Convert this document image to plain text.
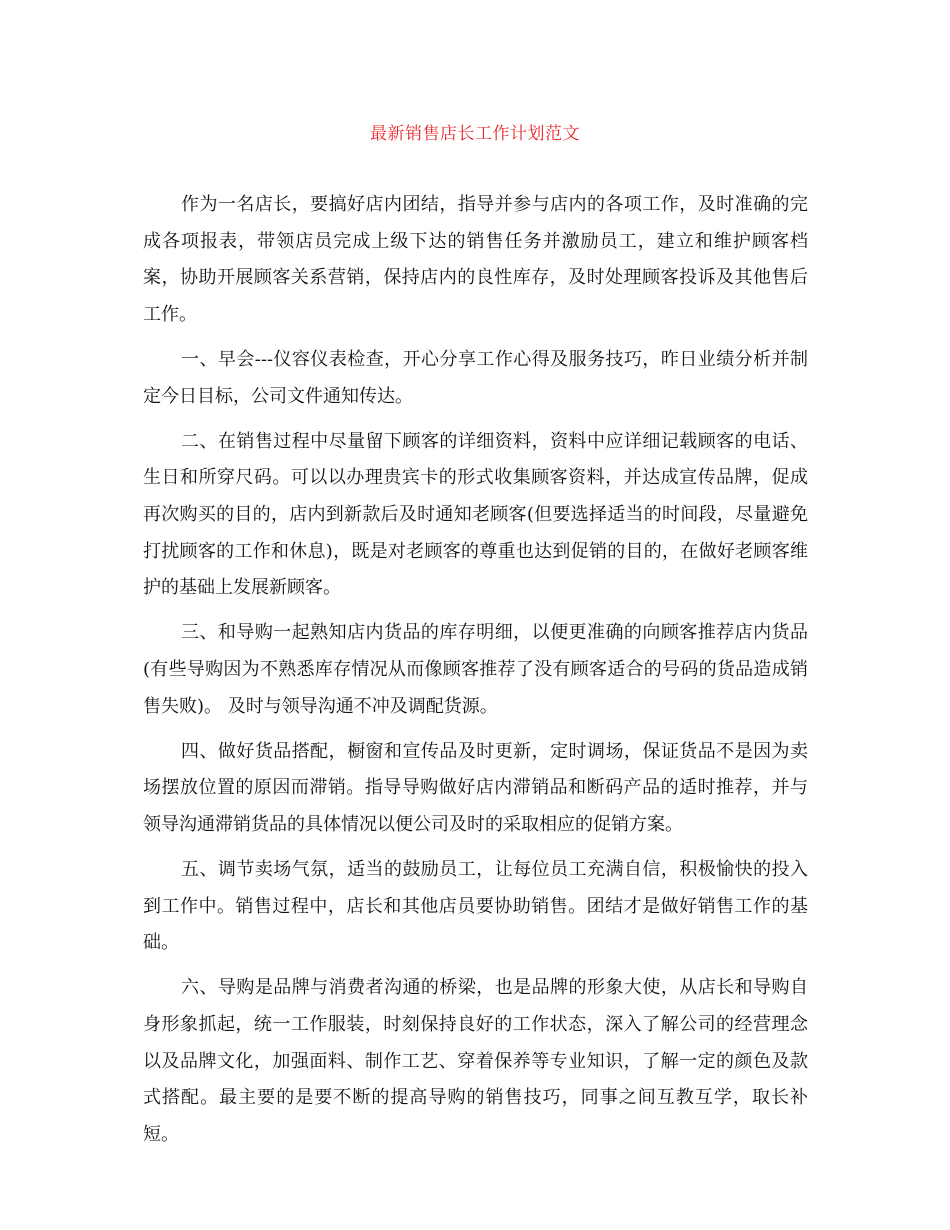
最新销售店长工作计划范文

作为一名店长，要搞好店内团结，指导并参与店内的各项工作，及时准确的完成各项报表，带领店员完成上级下达的销售任务并激励员工，建立和维护顾客档案，协助开展顾客关系营销，保持店内的良性库存，及时处理顾客投诉及其他售后工作。

一、早会---仪容仪表检查，开心分享工作心得及服务技巧，昨日业绩分析并制定今日目标，公司文件通知传达。

二、在销售过程中尽量留下顾客的详细资料，资料中应详细记载顾客的电话、生日和所穿尺码。可以以办理贵宾卡的形式收集顾客资料，并达成宣传品牌，促成再次购买的目的，店内到新款后及时通知老顾客(但要选择适当的时间段，尽量避免打扰顾客的工作和休息)，既是对老顾客的尊重也达到促销的目的，在做好老顾客维护的基础上发展新顾客。

三、和导购一起熟知店内货品的库存明细，以便更准确的向顾客推荐店内货品(有些导购因为不熟悉库存情况从而像顾客推荐了没有顾客适合的号码的货品造成销售失败)。 及时与领导沟通不冲及调配货源。

四、做好货品搭配，橱窗和宣传品及时更新，定时调场，保证货品不是因为卖场摆放位置的原因而滞销。指导导购做好店内滞销品和断码产品的适时推荐，并与领导沟通滞销货品的具体情况以便公司及时的采取相应的促销方案。

五、调节卖场气氛，适当的鼓励员工，让每位员工充满自信，积极愉快的投入到工作中。销售过程中，店长和其他店员要协助销售。团结才是做好销售工作的基础。

六、导购是品牌与消费者沟通的桥梁，也是品牌的形象大使，从店长和导购自身形象抓起，统一工作服装，时刻保持良好的工作状态，深入了解公司的经营理念以及品牌文化，加强面料、制作工艺、穿着保养等专业知识，了解一定的颜色及款式搭配。最主要的是要不断的提高导购的销售技巧，同事之间互教互学，取长补短。
